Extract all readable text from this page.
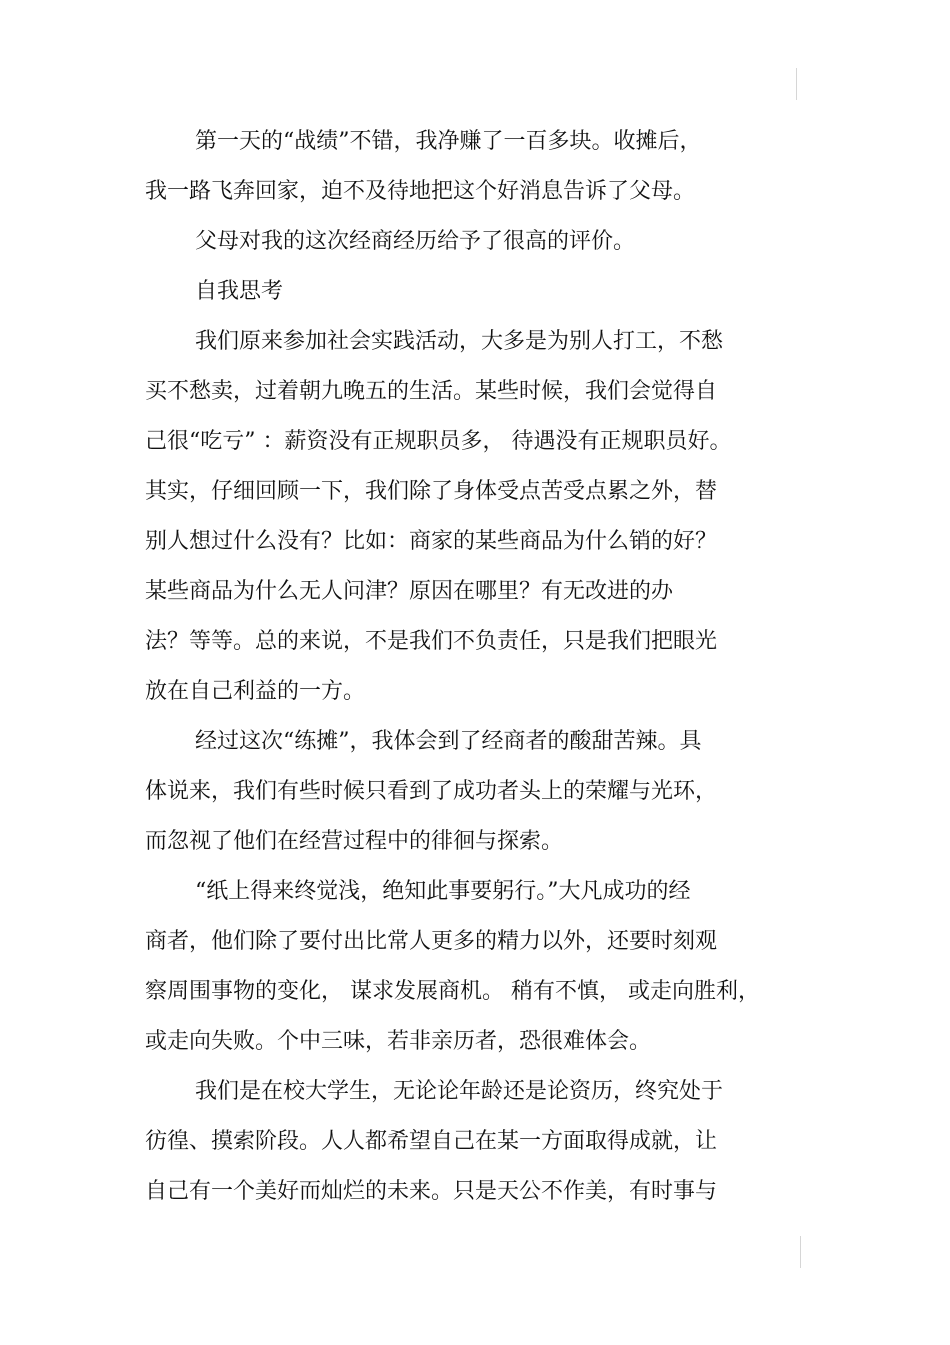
第一天的“战绩”不错，我净赚了一百多块。收摊后，

我一路飞奔回家，迫不及待地把这个好消息告诉了父母。

父母对我的这次经商经历给予了很高的评价。

自我思考

我们原来参加社会实践活动，大多是为别人打工，不愁

买不愁卖，过着朝九晚五的生活。某些时候，我们会觉得自

己很“吃亏” ：薪资没有正规职员多， 待遇没有正规职员好。

其实，仔细回顾一下，我们除了身体受点苦受点累之外，替

别人想过什么没有？比如：商家的某些商品为什么销的好？

某些商品为什么无人问津？原因在哪里？有无改进的办

法？等等。总的来说，不是我们不负责任，只是我们把眼光

放在自己利益的一方。

经过这次“练摊”，我体会到了经商者的酸甜苦辣。具

体说来，我们有些时候只看到了成功者头上的荣耀与光环，

而忽视了他们在经营过程中的徘徊与探索。

“纸上得来终觉浅，绝知此事要躬行。”大凡成功的经

商者，他们除了要付出比常人更多的精力以外，还要时刻观

察周围事物的变化， 谋求发展商机。 稍有不慎， 或走向胜利，

或走向失败。个中三味，若非亲历者，恐很难体会。

我们是在校大学生，无论论年龄还是论资历，终究处于

彷徨、摸索阶段。人人都希望自己在某一方面取得成就，让

自己有一个美好而灿烂的未来。只是天公不作美，有时事与
